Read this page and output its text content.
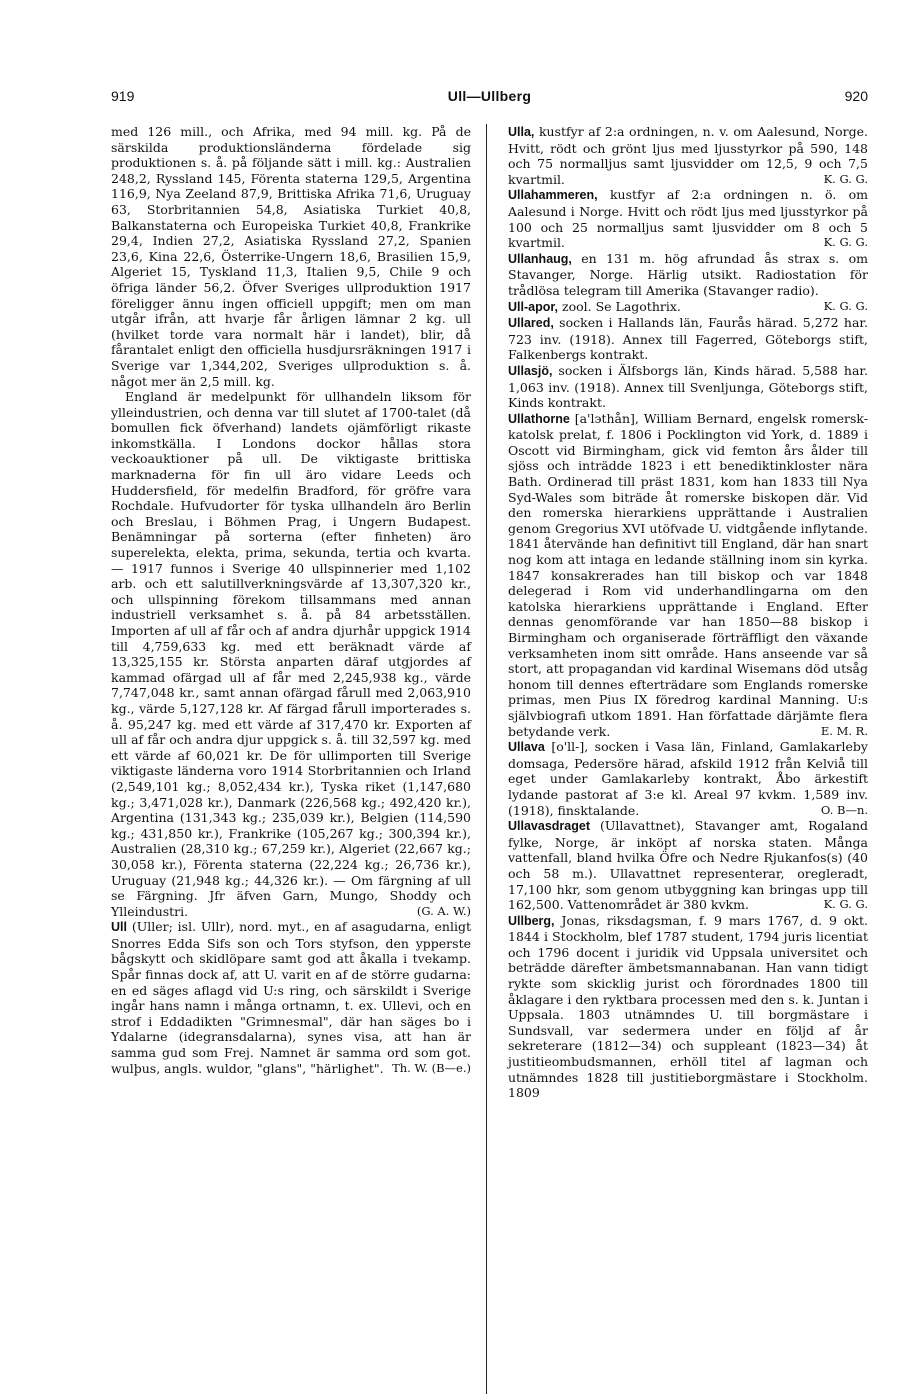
919	Ull—Ullberg	920

med 126 mill., och Afrika, med 94 mill. kg. På de särskilda produktionsländerna fördelade sig produktionen s. å. på följande sätt i mill. kg.: Australien 248,2, Ryssland 145, Förenta staterna 129,5, Argentina 116,9, Nya Zeeland 87,9, Brittiska Afrika 71,6, Uruguay 63, Storbritannien 54,8, Asiatiska Turkiet 40,8, Balkanstaterna och Europeiska Turkiet 40,8, Frankrike 29,4, Indien 27,2, Asiatiska Ryssland 27,2, Spanien 23,6, Kina 22,6, Österrike-Ungern 18,6, Brasilien 15,9, Algeriet 15, Tyskland 11,3, Italien 9,5, Chile 9 och öfriga länder 56,2. Öfver Sveriges ullproduktion 1917 föreligger ännu ingen officiell uppgift; men om man utgår ifrån, att hvarje får årligen lämnar 2 kg. ull (hvilket torde vara normalt här i landet), blir, då fårantalet enligt den officiella husdjursräkningen 1917 i Sverige var 1,344,202, Sveriges ullproduktion s. å. något mer än 2,5 mill. kg.

England är medelpunkt för ullhandeln liksom för ylleindustrien, och denna var till slutet af 1700-talet (då bomullen fick öfverhand) landets ojämförligt rikaste inkomstkälla. I Londons dockor hållas stora veckoauktioner på ull. De viktigaste brittiska marknaderna för fin ull äro vidare Leeds och Huddersfield, för medelfin Bradford, för gröfre vara Rochdale. Hufvudorter för tyska ullhandeln äro Berlin och Breslau, i Böhmen Prag, i Ungern Budapest. Benämningar på sorterna (efter finheten) äro superelekta, elekta, prima, sekunda, tertia och kvarta. — 1917 funnos i Sverige 40 ullspinnerier med 1,102 arb. och ett salutillverkningsvärde af 13,307,320 kr., och ullspinning förekom tillsammans med annan industriell verksamhet s. å. på 84 arbetsställen. Importen af ull af får och af andra djurhår uppgick 1914 till 4,759,633 kg. med ett beräknadt värde af 13,325,155 kr. Största anparten däraf utgjordes af kammad ofärgad ull af får med 2,245,938 kg., värde 7,747,048 kr., samt annan ofärgad fårull med 2,063,910 kg., värde 5,127,128 kr. Af färgad fårull importerades s. å. 95,247 kg. med ett värde af 317,470 kr. Exporten af ull af får och andra djur uppgick s. å. till 32,597 kg. med ett värde af 60,021 kr. De för ullimporten till Sverige viktigaste länderna voro 1914 Storbritannien och Irland (2,549,101 kg.; 8,052,434 kr.), Tyska riket (1,147,680 kg.; 3,471,028 kr.), Danmark (226,568 kg.; 492,420 kr.), Argentina (131,343 kg.; 235,039 kr.), Belgien (114,590 kg.; 431,850 kr.), Frankrike (105,267 kg.; 300,394 kr.), Australien (28,310 kg.; 67,259 kr.), Algeriet (22,667 kg.; 30,058 kr.), Förenta staterna (22,224 kg.; 26,736 kr.), Uruguay (21,948 kg.; 44,326 kr.). — Om färgning af ull se Färgning. Jfr äfven Garn, Mungo, Shoddy och Ylleindustri.	(G. A. W.)

Ull (Uller; isl. Ullr), nord. myt., en af asagudarna, enligt Snorres Edda Sifs son och Tors styfson, den ypperste bågskytt och skidlöpare samt god att åkalla i tvekamp. Spår finnas dock af, att U. varit en af de större gudarna: en ed säges aflagd vid U:s ring, och särskildt i Sverige ingår hans namn i många ortnamn, t. ex. Ullevi, och en strof i Eddadikten "Grimnesmal", där han säges bo i Ydalarne (idegransdalarna), synes visa, att han är samma gud som Frej. Namnet är samma ord som got. wulþus, angls. wuldor, "glans", "härlighet". Th. W. (B—e.)

Ulla, kustfyr af 2:a ordningen, n. v. om Aalesund, Norge. Hvitt, rödt och grönt ljus med ljusstyrkor på 590, 148 och 75 normalljus samt ljusvidder om 12,5, 9 och 7,5 kvartmil.	K. G. G.

Ullahammeren, kustfyr af 2:a ordningen n. ö. om Aalesund i Norge. Hvitt och rödt ljus med ljusstyrkor på 100 och 25 normalljus samt ljusvidder om 8 och 5 kvartmil.	K. G. G.

Ullanhaug, en 131 m. hög afrundad ås strax s. om Stavanger, Norge. Härlig utsikt. Radiostation för trådlösa telegram till Amerika (Stavanger radio).
K. G. G.

Ull-apor, zool. Se Lagothrix.

Ullared, socken i Hallands län, Faurås härad. 5,272 har. 723 inv. (1918). Annex till Fagerred, Göteborgs stift, Falkenbergs kontrakt.

Ullasjö, socken i Älfsborgs län, Kinds härad. 5,588 har. 1,063 inv. (1918). Annex till Svenljunga, Göteborgs stift, Kinds kontrakt.

Ullathorne [a'lэthån], William Bernard, engelsk romersk-katolsk prelat, f. 1806 i Pocklington vid York, d. 1889 i Oscott vid Birmingham, gick vid femton års ålder till sjöss och inträdde 1823 i ett benediktinkloster nära Bath. Ordinerad till präst 1831, kom han 1833 till Nya Syd-Wales som biträde åt romerske biskopen där. Vid den romerska hierarkiens upprättande i Australien genom Gregorius XVI utöfvade U. vidtgående inflytande. 1841 återvände han definitivt till England, där han snart nog kom att intaga en ledande ställning inom sin kyrka. 1847 konsakrerades han till biskop och var 1848 delegerad i Rom vid underhandlingarna om den katolska hierarkiens upprättande i England. Efter dennas genomförande var han 1850—88 biskop i Birmingham och organiserade förträffligt den växande verksamheten inom sitt område. Hans anseende var så stort, att propagandan vid kardinal Wisemans död utsåg honom till dennes efterträdare som Englands romerske primas, men Pius IX föredrog kardinal Manning. U:s självbiografi utkom 1891. Han författade därjämte flera betydande verk.	E. M. R.

Ullava [o'll-], socken i Vasa län, Finland, Gamlakarleby domsaga, Pedersöre härad, afskild 1912 från Kelviå till eget under Gamlakarleby kontrakt, Åbo ärkestift lydande pastorat af 3:e kl. Areal 97 kvkm. 1,589 inv. (1918), finsktalande.	O. B—n.

Ullavasdraget (Ullavattnet), Stavanger amt, Rogaland fylke, Norge, är inköpt af norska staten. Många vattenfall, bland hvilka Öfre och Nedre Rjukanfos(s) (40 och 58 m.). Ullavattnet representerar, oregleradt, 17,100 hkr, som genom utbyggning kan bringas upp till 162,500. Vattenområdet är 380 kvkm.	K. G. G.

Ullberg, Jonas, riksdagsman, f. 9 mars 1767, d. 9 okt. 1844 i Stockholm, blef 1787 student, 1794 juris licentiat och 1796 docent i juridik vid Uppsala universitet och beträdde därefter ämbetsmannabanan. Han vann tidigt rykte som skicklig jurist och förordnades 1800 till åklagare i den ryktbara processen med den s. k. Juntan i Uppsala. 1803 utnämndes U. till borgmästare i Sundsvall, var sedermera under en följd af år sekreterare (1812—34) och suppleant (1823—34) åt justitieombudsmannen, erhöll titel af lagman och utnämndes 1828 till justitieborgmästare i Stockholm. 1809
